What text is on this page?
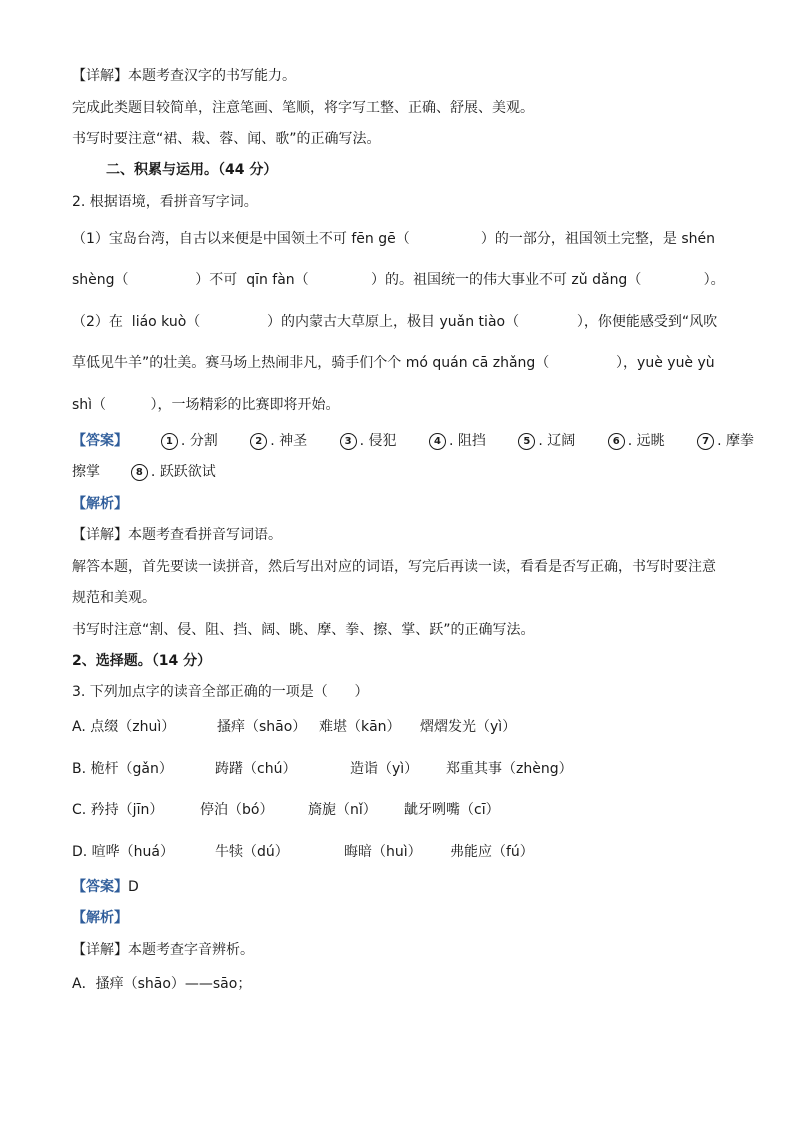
【详解】本题考查汉字的书写能力。
完成此类题目较简单，注意笔画、笔顺，将字写工整、正确、舒展、美观。
书写时要注意“裙、栽、蓉、闻、歌”的正确写法。
二、积累与运用。（44 分）
2. 根据语境，看拼音写字词。
（1）宝岛台湾，自古以来便是中国领土不可 fēn gē（                ）的一部分，祖国领土完整，是 shén
shèng（               ）不可  qīn fàn（              ）的。祖国统一的伟大事业不可 zǔ dǎng（              ）。
（2）在  liáo kuò（               ）的内蒙古大草原上，极目 yuǎn tiào（             ），你便能感受到“风吹
草低见牛羊”的壮美。赛马场上热闹非凡，骑手们个个 mó quán cā zhǎng（               ），yuè yuè yù
shì（          ），一场精彩的比赛即将开始。
【答案】	1 . 分割	2 . 神圣	3 . 侵犯	4 . 阻挡	5 . 辽阔	6 . 远眺	7 . 摩拳
擦掌	8 . 跃跃欲试
【解析】
【详解】本题考查看拼音写词语。
解答本题，首先要读一读拼音，然后写出对应的词语，写完后再读一读，看看是否写正确，书写时要注意
规范和美观。
书写时注意“割、侵、阻、挡、阔、眺、摩、拳、擦、掌、跃”的正确写法。
2、选择题。（14 分）
3. 下列加点字的读音全部正确的一项是（      ）
A. 点缀（zhuì）	搔痒（shāo） 难堪（kān） 熠熠发光（yì）
B. 桅杆（gǎn）	踌躇（chú）	造诣（yì） 郑重其事（zhèng）
C. 矜持（jīn）	停泊（bó） 旖旎（nǐ） 龇牙咧嘴（cī）
D. 喧哗（huá）	牛犊（dú）	晦暗（huì） 弗能应（fú）
【答案】D
【解析】
【详解】本题考查字音辨析。
A．搔痒（shāo）——sāo；
